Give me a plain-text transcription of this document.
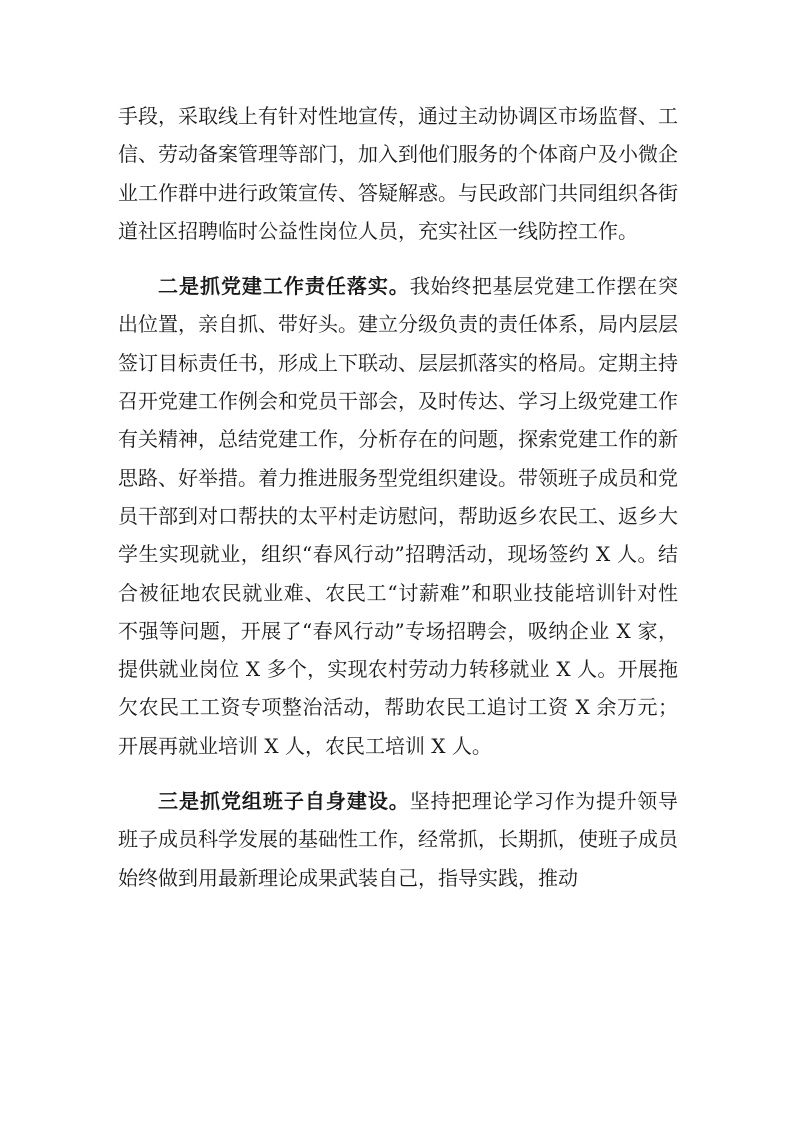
手段，采取线上有针对性地宣传，通过主动协调区市场监督、工信、劳动备案管理等部门，加入到他们服务的个体商户及小微企业工作群中进行政策宣传、答疑解惑。与民政部门共同组织各街道社区招聘临时公益性岗位人员，充实社区一线防控工作。

二是抓党建工作责任落实。我始终把基层党建工作摆在突出位置，亲自抓、带好头。建立分级负责的责任体系，局内层层签订目标责任书，形成上下联动、层层抓落实的格局。定期主持召开党建工作例会和党员干部会，及时传达、学习上级党建工作有关精神，总结党建工作，分析存在的问题，探索党建工作的新思路、好举措。着力推进服务型党组织建设。带领班子成员和党员干部到对口帮扶的太平村走访慰问，帮助返乡农民工、返乡大学生实现就业，组织“春风行动”招聘活动，现场签约 X 人。结合被征地农民就业难、农民工“讨薪难”和职业技能培训针对性不强等问题，开展了“春风行动”专场招聘会，吸纳企业 X 家，提供就业岗位 X 多个，实现农村劳动力转移就业 X 人。开展拖欠农民工工资专项整治活动，帮助农民工追讨工资 X 余万元；开展再就业培训 X 人，农民工培训 X 人。

三是抓党组班子自身建设。坚持把理论学习作为提升领导班子成员科学发展的基础性工作，经常抓，长期抓，使班子成员始终做到用最新理论成果武装自己，指导实践，推动
